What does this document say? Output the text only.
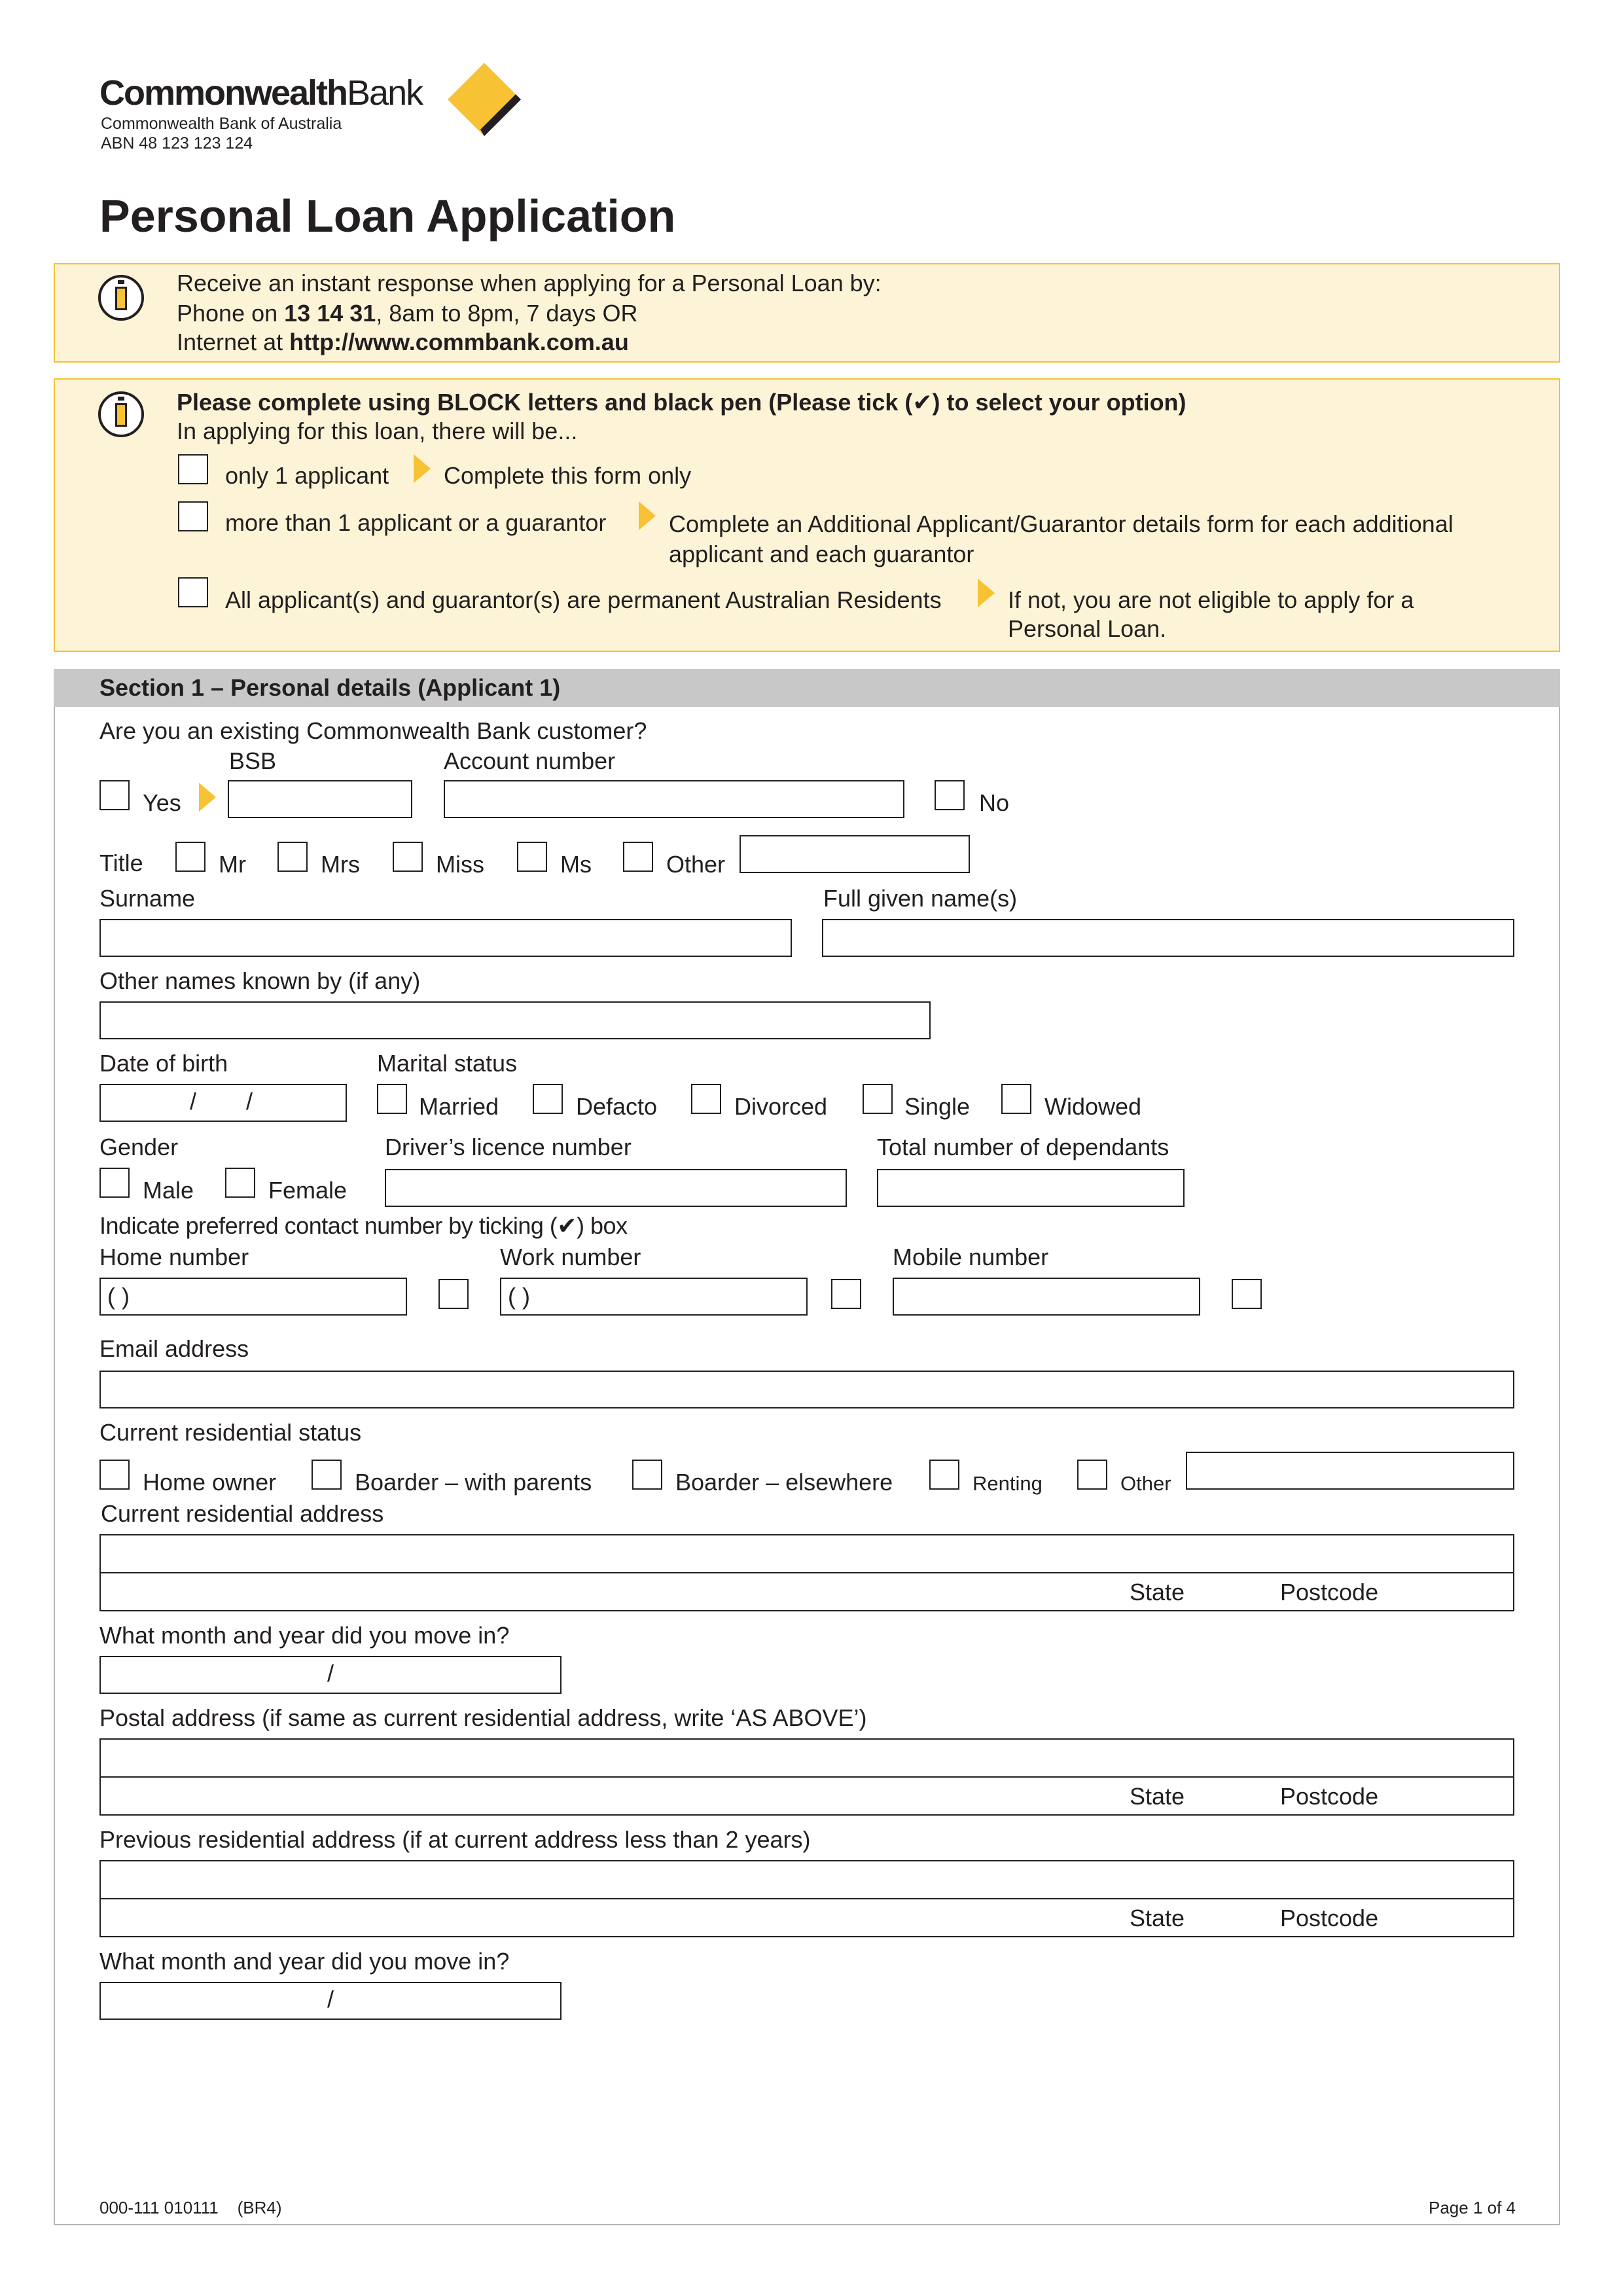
CommonwealthBank
Commonwealth Bank of Australia
ABN 48 123 123 124
Personal Loan Application
Receive an instant response when applying for a Personal Loan by:
Phone on 13 14 31, 8am to 8pm, 7 days OR
Internet at http://www.commbank.com.au
Please complete using BLOCK letters and black pen (Please tick (✔) to select your option)
In applying for this loan, there will be...
only 1 applicant Complete this form only
more than 1 applicant or a guarantor	Complete an Additional Applicant/Guarantor details form for each additional
applicant and each guarantor
All applicant(s) and guarantor(s) are permanent Australian Residents	If not, you are not eligible to apply for a
Personal Loan.
Section 1 – Personal details (Applicant 1)
Are you an existing Commonwealth Bank customer?
BSB	Account number
Yes	No
Title	Mr	Mrs	Miss	Ms	Other
Surname	Full given name(s)
Other names known by (if any)
Date of birth	Marital status
/ /	Married	Defacto	Divorced	Single	Widowed
Gender	Driver’s licence number	Total number of dependants
Male	Female
Indicate preferred contact number by ticking (✔) box
Home number	Work number	Mobile number
( )	( )
Email address
Current residential status
Home owner	Boarder – with parents	Boarder – elsewhere	Renting	Other
Current residential address
State	Postcode
What month and year did you move in?
/
Postal address (if same as current residential address, write ‘AS ABOVE’)
State	Postcode
Previous residential address (if at current address less than 2 years)
State	Postcode
What month and year did you move in?
/
000-111 010111    (BR4)	Page 1 of 4
